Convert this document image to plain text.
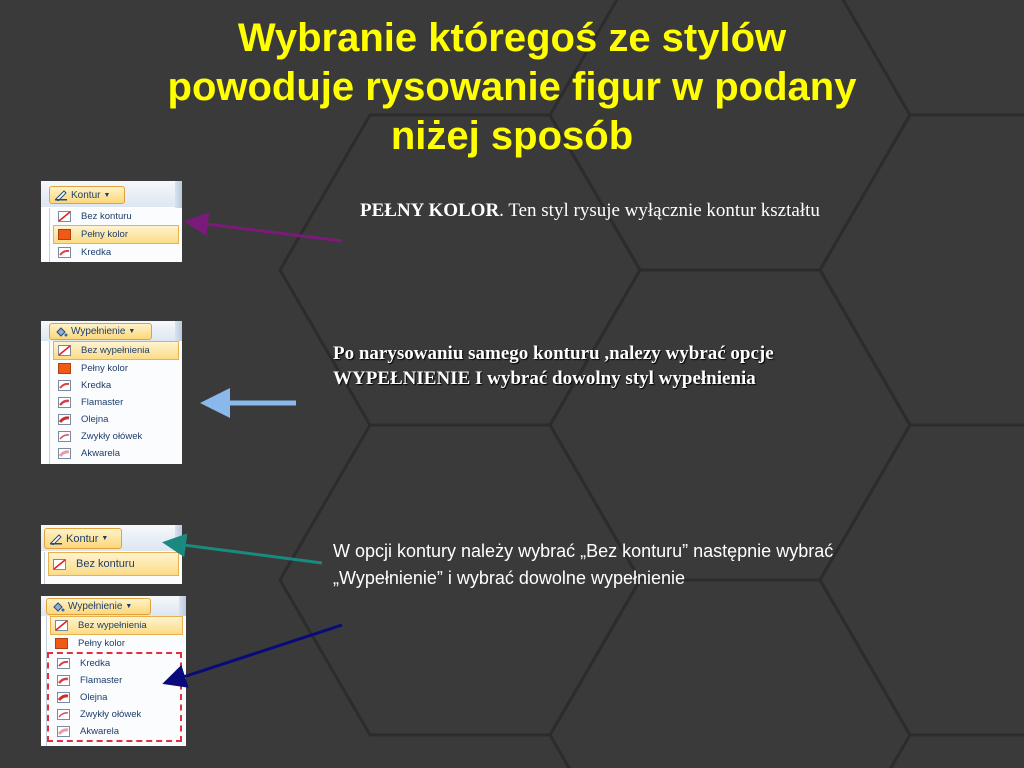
Wybranie któregoś ze stylów
powoduje rysowanie figur w podany
niżej sposób
Kontur ▼
Bez konturu
Pełny kolor
Kredka
Wypełnienie ▼
Bez wypełnienia
Pełny kolor
Kredka
Flamaster
Olejna
Zwykły ołówek
Akwarela
Kontur ▼
Bez konturu
Wypełnienie ▼
Bez wypełnienia
Pełny kolor
Kredka
Flamaster
Olejna
Zwykły ołówek
Akwarela
PEŁNY KOLOR. Ten styl rysuje wyłącznie kontur kształtu
Po narysowaniu samego konturu ,nalezy wybrać opcje WYPEŁNIENIE I wybrać dowolny styl wypełnienia
W opcji kontury należy wybrać „Bez konturu” następnie wybrać „Wypełnienie” i wybrać dowolne wypełnienie
